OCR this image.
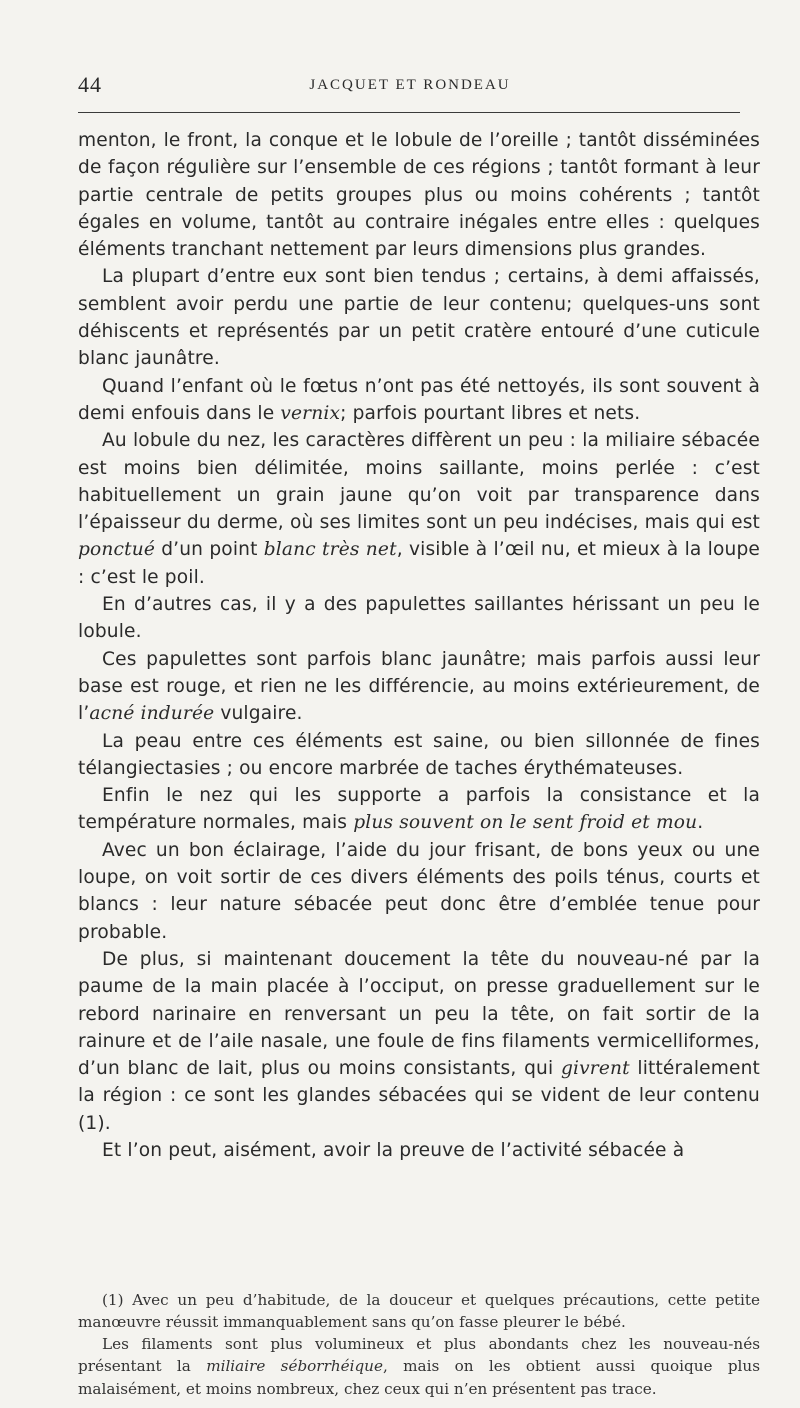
44	JACQUET ET RONDEAU

menton, le front, la conque et le lobule de l’oreille ; tantôt disséminées de façon régulière sur l’ensemble de ces régions ; tantôt formant à leur partie centrale de petits groupes plus ou moins cohérents ; tantôt égales en volume, tantôt au contraire inégales entre elles : quelques éléments tranchant nettement par leurs dimensions plus grandes.

La plupart d’entre eux sont bien tendus ; certains, à demi affaissés, semblent avoir perdu une partie de leur contenu; quelques-uns sont déhiscents et représentés par un petit cratère entouré d’une cuticule blanc jaunâtre.

Quand l’enfant où le fœtus n’ont pas été nettoyés, ils sont souvent à demi enfouis dans le vernix; parfois pourtant libres et nets.

Au lobule du nez, les caractères diffèrent un peu : la miliaire sébacée est moins bien délimitée, moins saillante, moins perlée : c’est habituellement un grain jaune qu’on voit par transparence dans l’épaisseur du derme, où ses limites sont un peu indécises, mais qui est ponctué d’un point blanc très net, visible à l’œil nu, et mieux à la loupe : c’est le poil.

En d’autres cas, il y a des papulettes saillantes hérissant un peu le lobule.

Ces papulettes sont parfois blanc jaunâtre; mais parfois aussi leur base est rouge, et rien ne les différencie, au moins extérieurement, de l’acné indurée vulgaire.

La peau entre ces éléments est saine, ou bien sillonnée de fines télangiectasies ; ou encore marbrée de taches érythémateuses.

Enfin le nez qui les supporte a parfois la consistance et la température normales, mais plus souvent on le sent froid et mou.

Avec un bon éclairage, l’aide du jour frisant, de bons yeux ou une loupe, on voit sortir de ces divers éléments des poils ténus, courts et blancs : leur nature sébacée peut donc être d’emblée tenue pour probable.

De plus, si maintenant doucement la tête du nouveau-né par la paume de la main placée à l’occiput, on presse graduellement sur le rebord narinaire en renversant un peu la tête, on fait sortir de la rainure et de l’aile nasale, une foule de fins filaments vermicelliformes, d’un blanc de lait, plus ou moins consistants, qui givrent littéralement la région : ce sont les glandes sébacées qui se vident de leur contenu (1).

Et l’on peut, aisément, avoir la preuve de l’activité sébacée à

(1) Avec un peu d’habitude, de la douceur et quelques précautions, cette petite manœuvre réussit immanquablement sans qu’on fasse pleurer le bébé.

Les filaments sont plus volumineux et plus abondants chez les nouveau-nés présentant la miliaire séborrhéique, mais on les obtient aussi quoique plus malaisément, et moins nombreux, chez ceux qui n’en présentent pas trace.
